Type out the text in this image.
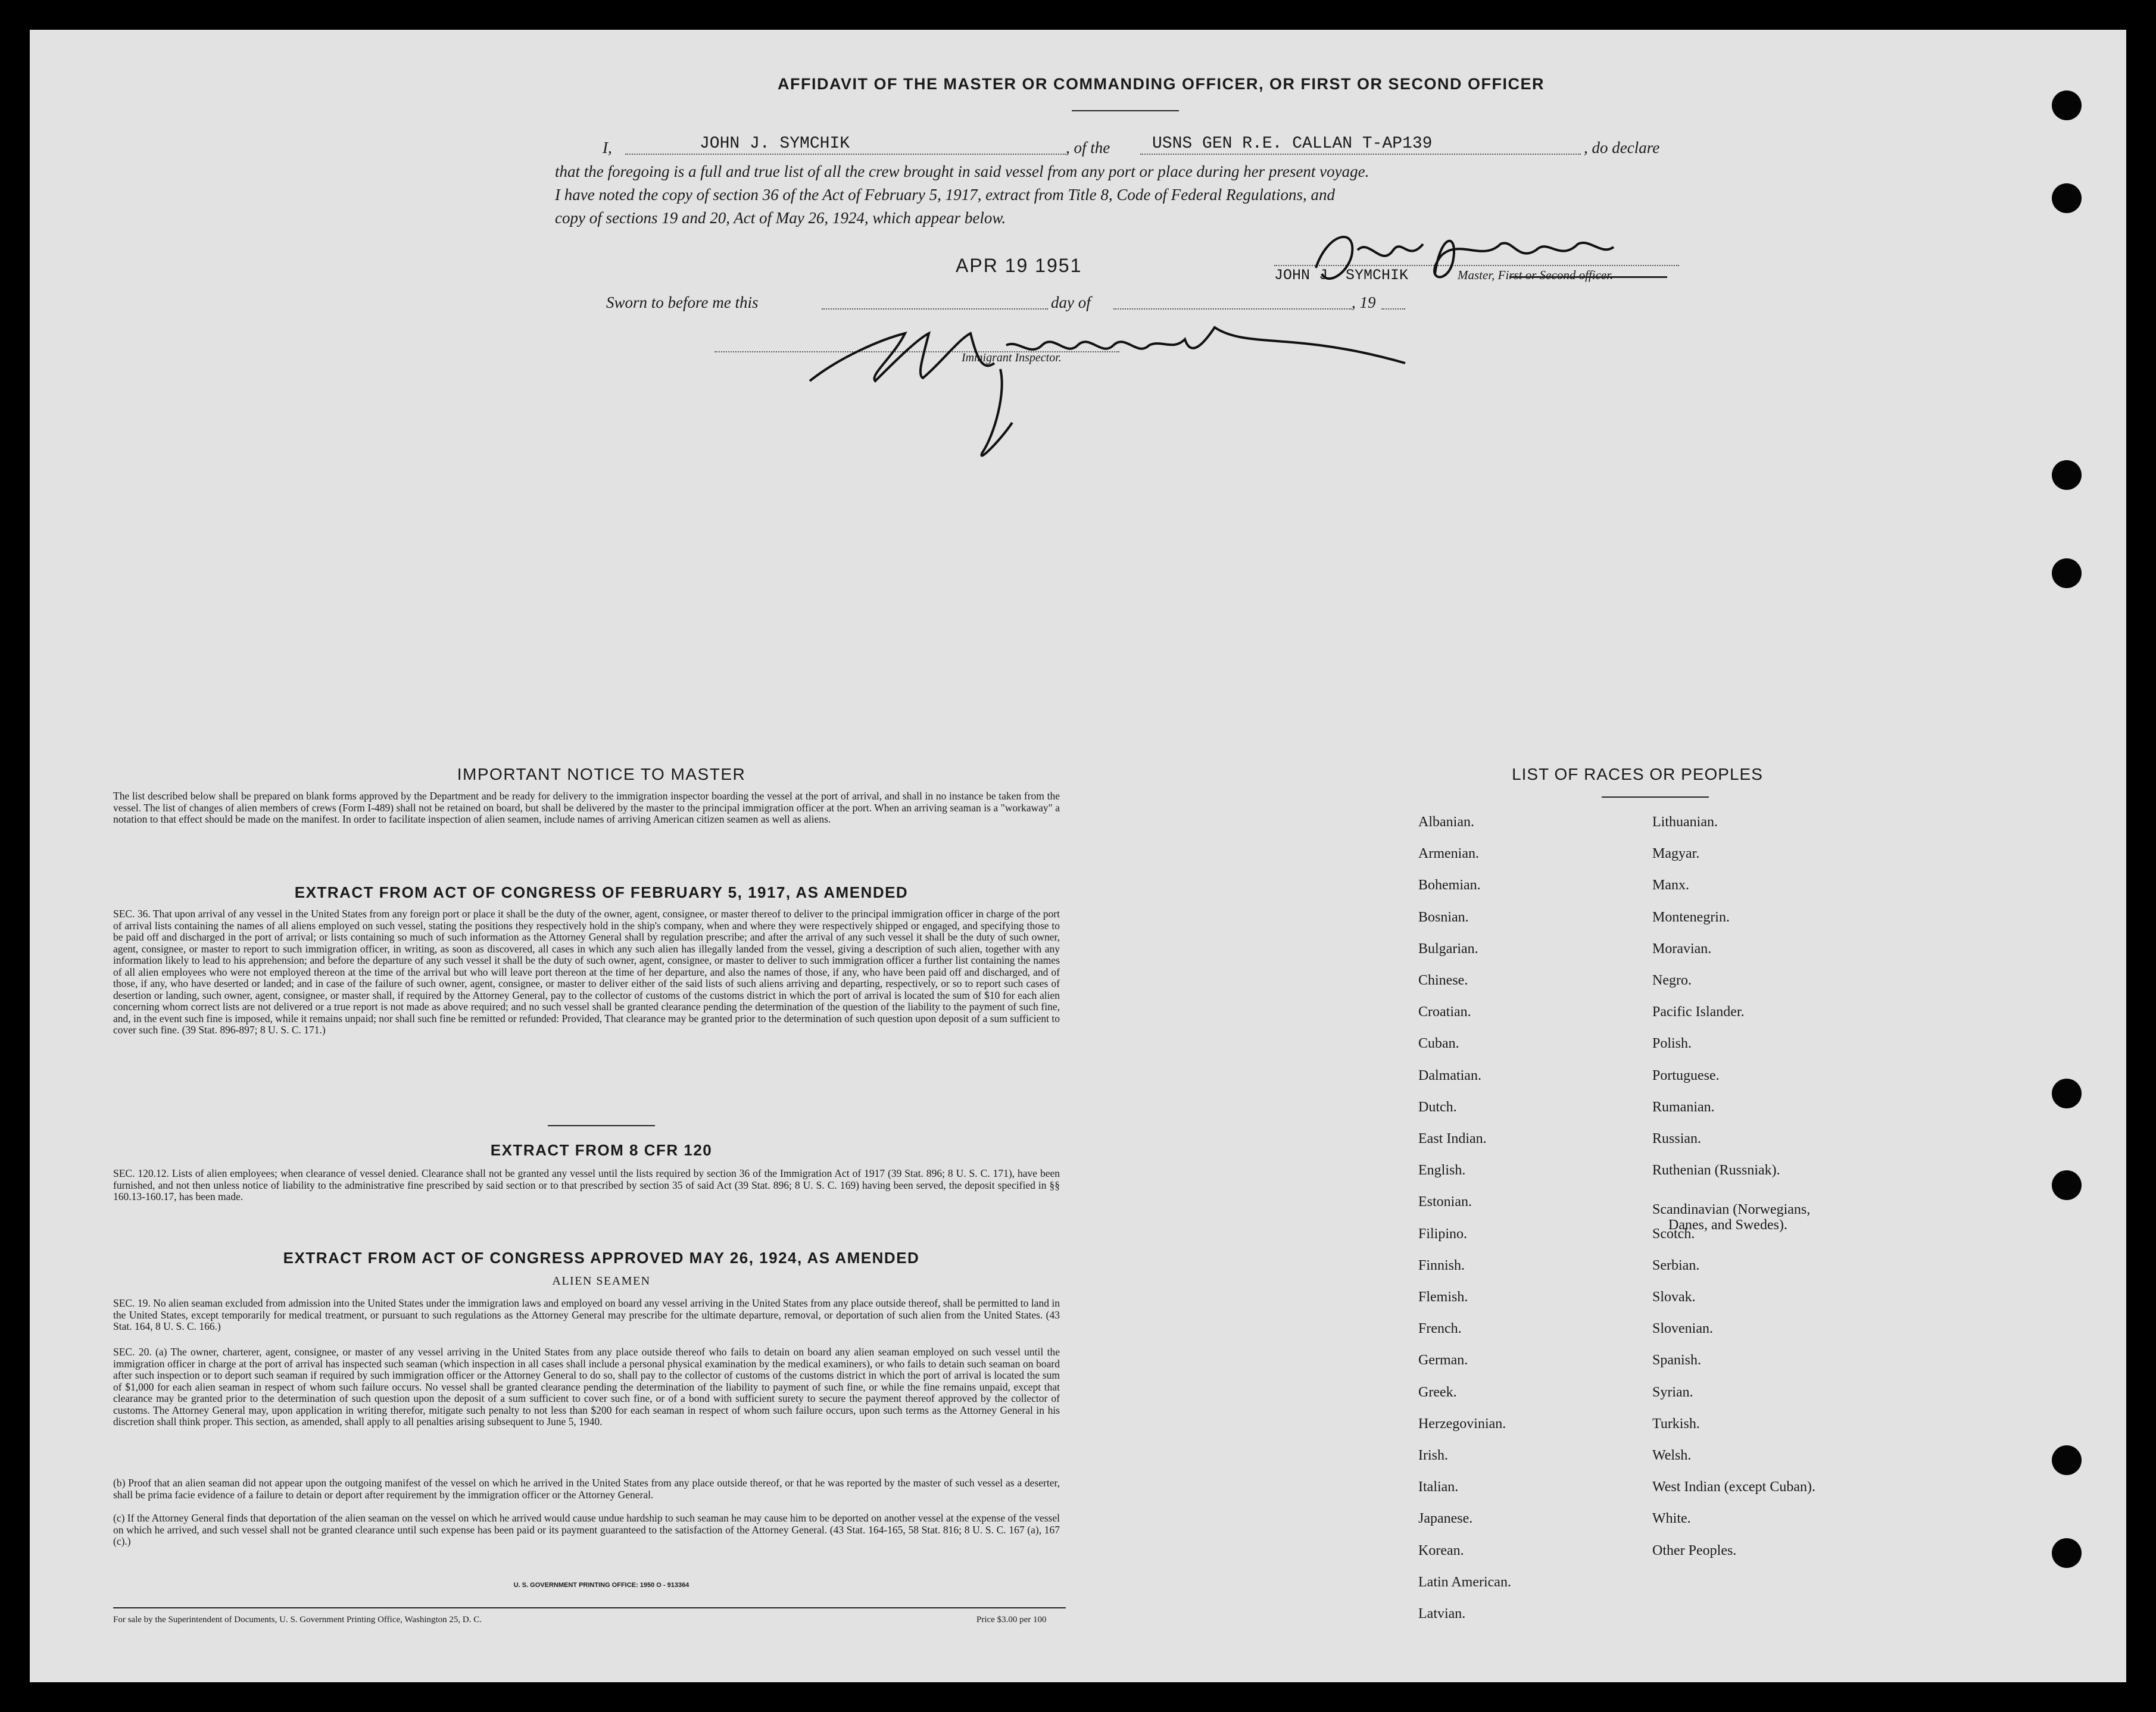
AFFIDAVIT OF THE MASTER OR COMMANDING OFFICER, OR FIRST OR SECOND OFFICER
I,	JOHN J. SYMCHIK	, of the	USNS GEN R.E. CALLAN T-AP139	, do declare
that the foregoing is a full and true list of all the crew brought in said vessel from any port or place during her present voyage.
I have noted the copy of section 36 of the Act of February 5, 1917, extract from Title 8, Code of Federal Regulations, and
copy of sections 19 and 20, Act of May 26, 1924, which appear below.
APR 19 1951
Sworn to before me this	day of	, 19
JOHN J. SYMCHIK	Master, First or Second officer.
Immigrant Inspector.
IMPORTANT NOTICE TO MASTER
The list described below shall be prepared on blank forms approved by the Department and be ready for delivery to the immigration inspector boarding the vessel at the port of arrival, and shall in no instance be taken from the vessel. The list of changes of alien members of crews (Form I-489) shall not be retained on board, but shall be delivered by the master to the principal immigration officer at the port. When an arriving seaman is a "workaway" a notation to that effect should be made on the manifest. In order to facilitate inspection of alien seamen, include names of arriving American citizen seamen as well as aliens.
EXTRACT FROM ACT OF CONGRESS OF FEBRUARY 5, 1917, AS AMENDED
SEC. 36. That upon arrival of any vessel in the United States from any foreign port or place it shall be the duty of the owner, agent, consignee, or master thereof to deliver to the principal immigration officer in charge of the port of arrival lists containing the names of all aliens employed on such vessel, stating the positions they respectively hold in the ship's company, when and where they were respectively shipped or engaged, and specifying those to be paid off and discharged in the port of arrival; or lists containing so much of such information as the Attorney General shall by regulation prescribe; and after the arrival of any such vessel it shall be the duty of such owner, agent, consignee, or master to report to such immigration officer, in writing, as soon as discovered, all cases in which any such alien has illegally landed from the vessel, giving a description of such alien, together with any information likely to lead to his apprehension; and before the departure of any such vessel it shall be the duty of such owner, agent, consignee, or master to deliver to such immigration officer a further list containing the names of all alien employees who were not employed thereon at the time of the arrival but who will leave port thereon at the time of her departure, and also the names of those, if any, who have been paid off and discharged, and of those, if any, who have deserted or landed; and in case of the failure of such owner, agent, consignee, or master to deliver either of the said lists of such aliens arriving and departing, respectively, or so to report such cases of desertion or landing, such owner, agent, consignee, or master shall, if required by the Attorney General, pay to the collector of customs of the customs district in which the port of arrival is located the sum of $10 for each alien concerning whom correct lists are not delivered or a true report is not made as above required; and no such vessel shall be granted clearance pending the determination of the question of the liability to the payment of such fine, and, in the event such fine is imposed, while it remains unpaid; nor shall such fine be remitted or refunded: Provided, That clearance may be granted prior to the determination of such question upon deposit of a sum sufficient to cover such fine. (39 Stat. 896-897; 8 U. S. C. 171.)
EXTRACT FROM 8 CFR 120
SEC. 120.12. Lists of alien employees; when clearance of vessel denied. Clearance shall not be granted any vessel until the lists required by section 36 of the Immigration Act of 1917 (39 Stat. 896; 8 U. S. C. 171), have been furnished, and not then unless notice of liability to the administrative fine prescribed by said section or to that prescribed by section 35 of said Act (39 Stat. 896; 8 U. S. C. 169) having been served, the deposit specified in §§ 160.13-160.17, has been made.
EXTRACT FROM ACT OF CONGRESS APPROVED MAY 26, 1924, AS AMENDED
ALIEN SEAMEN
SEC. 19. No alien seaman excluded from admission into the United States under the immigration laws and employed on board any vessel arriving in the United States from any place outside thereof, shall be permitted to land in the United States, except temporarily for medical treatment, or pursuant to such regulations as the Attorney General may prescribe for the ultimate departure, removal, or deportation of such alien from the United States. (43 Stat. 164, 8 U. S. C. 166.)
SEC. 20. (a) The owner, charterer, agent, consignee, or master of any vessel arriving in the United States from any place outside thereof who fails to detain on board any alien seaman employed on such vessel until the immigration officer in charge at the port of arrival has inspected such seaman (which inspection in all cases shall include a personal physical examination by the medical examiners), or who fails to detain such seaman on board after such inspection or to deport such seaman if required by such immigration officer or the Attorney General to do so, shall pay to the collector of customs of the customs district in which the port of arrival is located the sum of $1,000 for each alien seaman in respect of whom such failure occurs. No vessel shall be granted clearance pending the determination of the liability to payment of such fine, or while the fine remains unpaid, except that clearance may be granted prior to the determination of such question upon the deposit of a sum sufficient to cover such fine, or of a bond with sufficient surety to secure the payment thereof approved by the collector of customs. The Attorney General may, upon application in writing therefor, mitigate such penalty to not less than $200 for each seaman in respect of whom such failure occurs, upon such terms as the Attorney General in his discretion shall think proper. This section, as amended, shall apply to all penalties arising subsequent to June 5, 1940.
(b) Proof that an alien seaman did not appear upon the outgoing manifest of the vessel on which he arrived in the United States from any place outside thereof, or that he was reported by the master of such vessel as a deserter, shall be prima facie evidence of a failure to detain or deport after requirement by the immigration officer or the Attorney General.
(c) If the Attorney General finds that deportation of the alien seaman on the vessel on which he arrived would cause undue hardship to such seaman he may cause him to be deported on another vessel at the expense of the vessel on which he arrived, and such vessel shall not be granted clearance until such expense has been paid or its payment guaranteed to the satisfaction of the Attorney General. (43 Stat. 164-165, 58 Stat. 816; 8 U. S. C. 167 (a), 167 (c).)
U. S. GOVERNMENT PRINTING OFFICE: 1950 O - 913364
For sale by the Superintendent of Documents, U. S. Government Printing Office, Washington 25, D. C.	Price $3.00 per 100
LIST OF RACES OR PEOPLES
Albanian.
Armenian.
Bohemian.
Bosnian.
Bulgarian.
Chinese.
Croatian.
Cuban.
Dalmatian.
Dutch.
East Indian.
English.
Estonian.
Filipino.
Finnish.
Flemish.
French.
German.
Greek.
Herzegovinian.
Irish.
Italian.
Japanese.
Korean.
Latin American.
Latvian.
Lithuanian.
Magyar.
Manx.
Montenegrin.
Moravian.
Negro.
Pacific Islander.
Polish.
Portuguese.
Rumanian.
Russian.
Ruthenian (Russniak).
Scandinavian (Norwegians,
Danes, and Swedes).
Scotch.
Serbian.
Slovak.
Slovenian.
Spanish.
Syrian.
Turkish.
Welsh.
West Indian (except Cuban).
White.
Other Peoples.
